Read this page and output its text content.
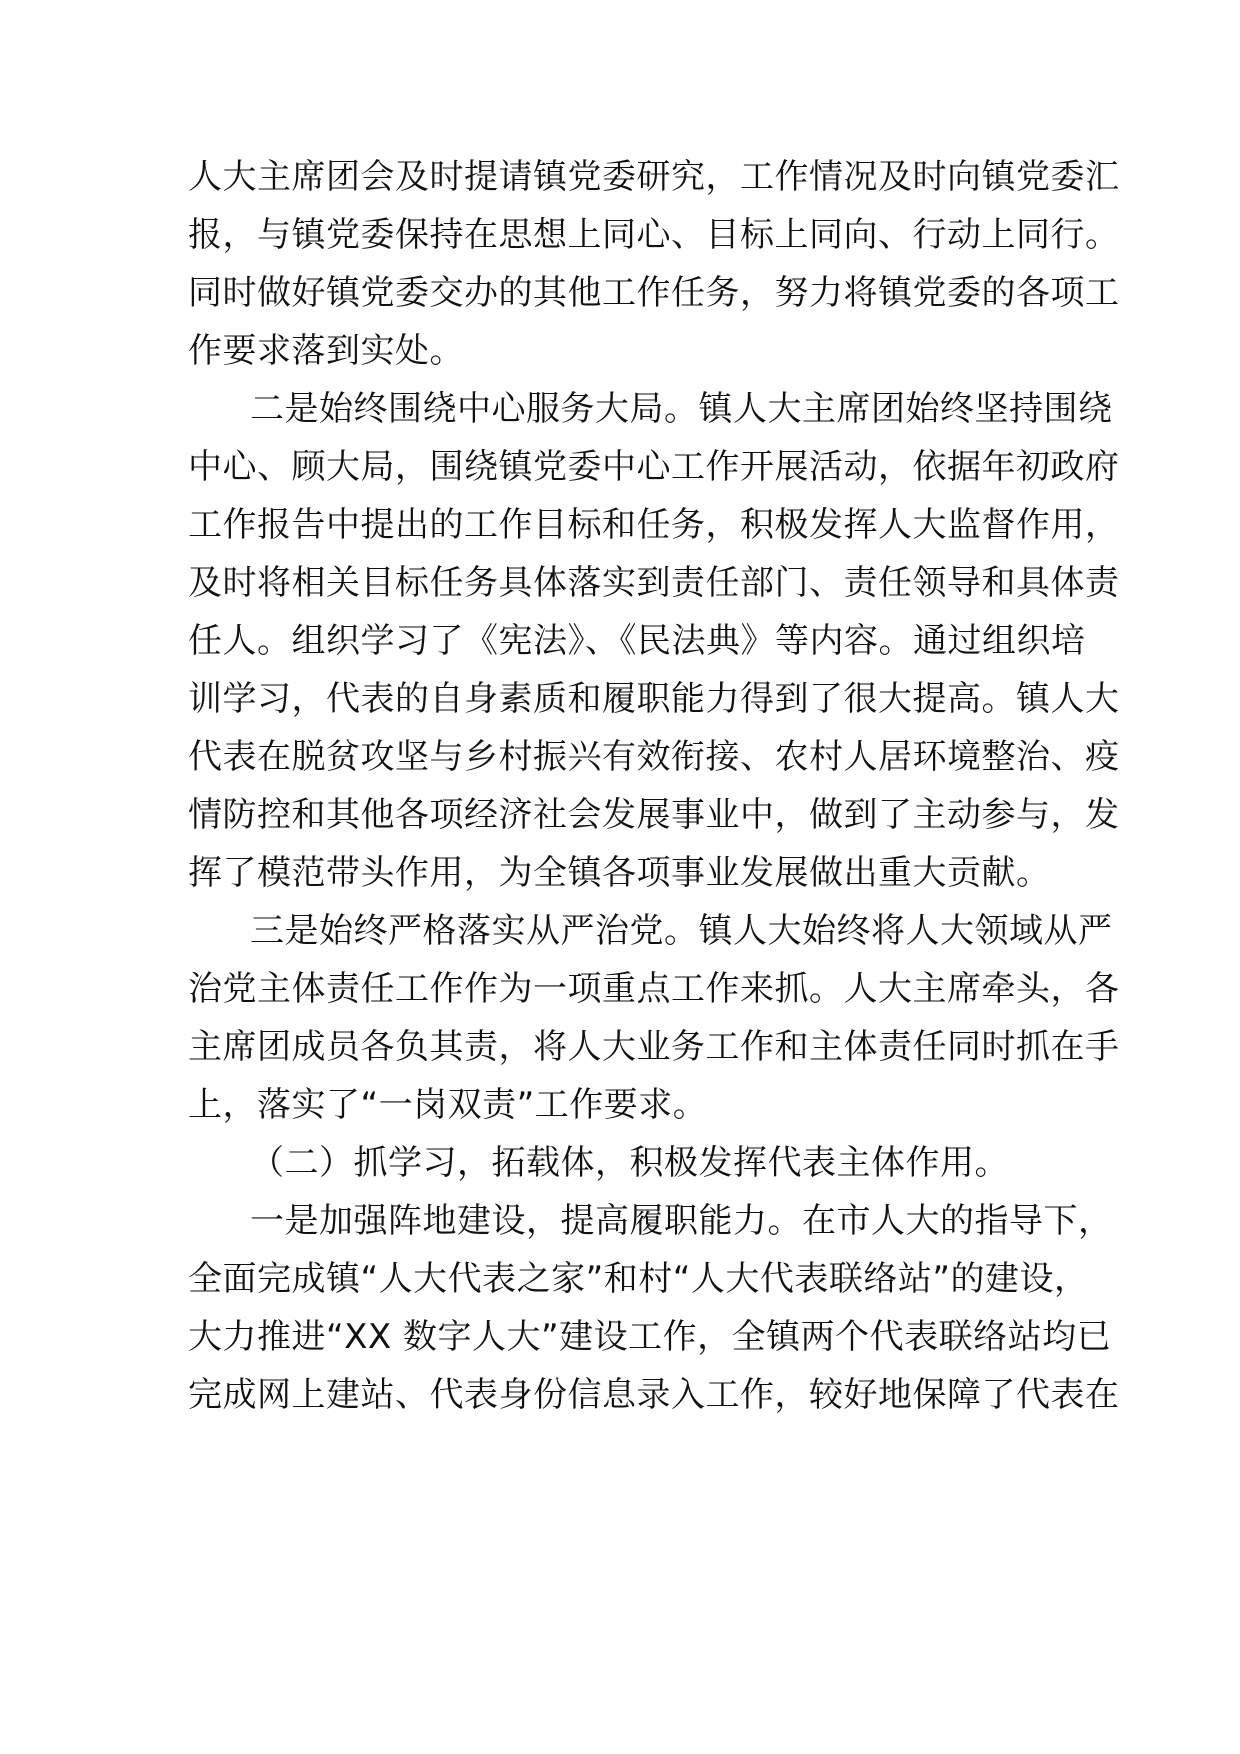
人大主席团会及时提请镇党委研究，工作情况及时向镇党委汇
报，与镇党委保持在思想上同心、目标上同向、行动上同行。
同时做好镇党委交办的其他工作任务，努力将镇党委的各项工
作要求落到实处。
二是始终围绕中心服务大局。镇人大主席团始终坚持围绕
中心、顾大局，围绕镇党委中心工作开展活动，依据年初政府
工作报告中提出的工作目标和任务，积极发挥人大监督作用，
及时将相关目标任务具体落实到责任部门、责任领导和具体责
任人。组织学习了《宪法》、《民法典》等内容。通过组织培
训学习，代表的自身素质和履职能力得到了很大提高。镇人大
代表在脱贫攻坚与乡村振兴有效衔接、农村人居环境整治、疫
情防控和其他各项经济社会发展事业中，做到了主动参与，发
挥了模范带头作用，为全镇各项事业发展做出重大贡献。
三是始终严格落实从严治党。镇人大始终将人大领域从严
治党主体责任工作作为一项重点工作来抓。人大主席牵头，各
主席团成员各负其责，将人大业务工作和主体责任同时抓在手
上，落实了“一岗双责”工作要求。
（二）抓学习，拓载体，积极发挥代表主体作用。
一是加强阵地建设，提高履职能力。在市人大的指导下，
全面完成镇“人大代表之家”和村“人大代表联络站”的建设，
大力推进“XX 数字人大”建设工作，全镇两个代表联络站均已
完成网上建站、代表身份信息录入工作，较好地保障了代表在
